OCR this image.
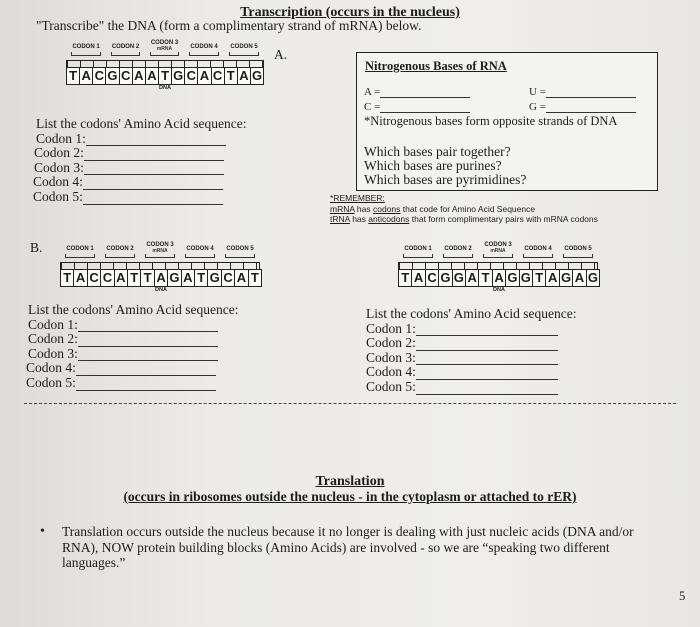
Transcription (occurs in the nucleus)
"Transcribe" the DNA (form a complimentary strand of mRNA) below.
CODON 1	CODON 2
CODON 3
mRNA	CODON 4	CODON 5
T A C G C A A T G C A C T A G
DNA
A.
List the codons' Amino Acid sequence:
Codon 1:
Codon 2:
Codon 3:
Codon 4:
Codon 5:
Nitrogenous Bases of RNA
A =	U =
C =	G =
*Nitrogenous bases form opposite strands of DNA
Which bases pair together?
Which bases are purines?
Which bases are pyrimidines?
*REMEMBER:
mRNA has codons that code for Amino Acid Sequence
tRNA has anticodons that form complimentary pairs with mRNA codons
B.	CODON 1	CODON 2
CODON 3
mRNA	CODON 4	CODON 5
T A C C A T T A G A T G C A T
DNA
List the codons' Amino Acid sequence:
Codon 1:
Codon 2:
Codon 3:
Codon 4:
Codon 5:
CODON 1	CODON 2
CODON 3
mRNA	CODON 4	CODON 5
T A C G G A T A G G T A G A G
DNA
List the codons' Amino Acid sequence:
Codon 1:
Codon 2:
Codon 3:
Codon 4:
Codon 5:
Translation
(occurs in ribosomes outside the nucleus - in the cytoplasm or attached to rER)
• Translation occurs outside the nucleus because it no longer is dealing with just nucleic acids (DNA and/or
RNA), NOW protein building blocks (Amino Acids) are involved - so we are “speaking two different
languages.”
5
